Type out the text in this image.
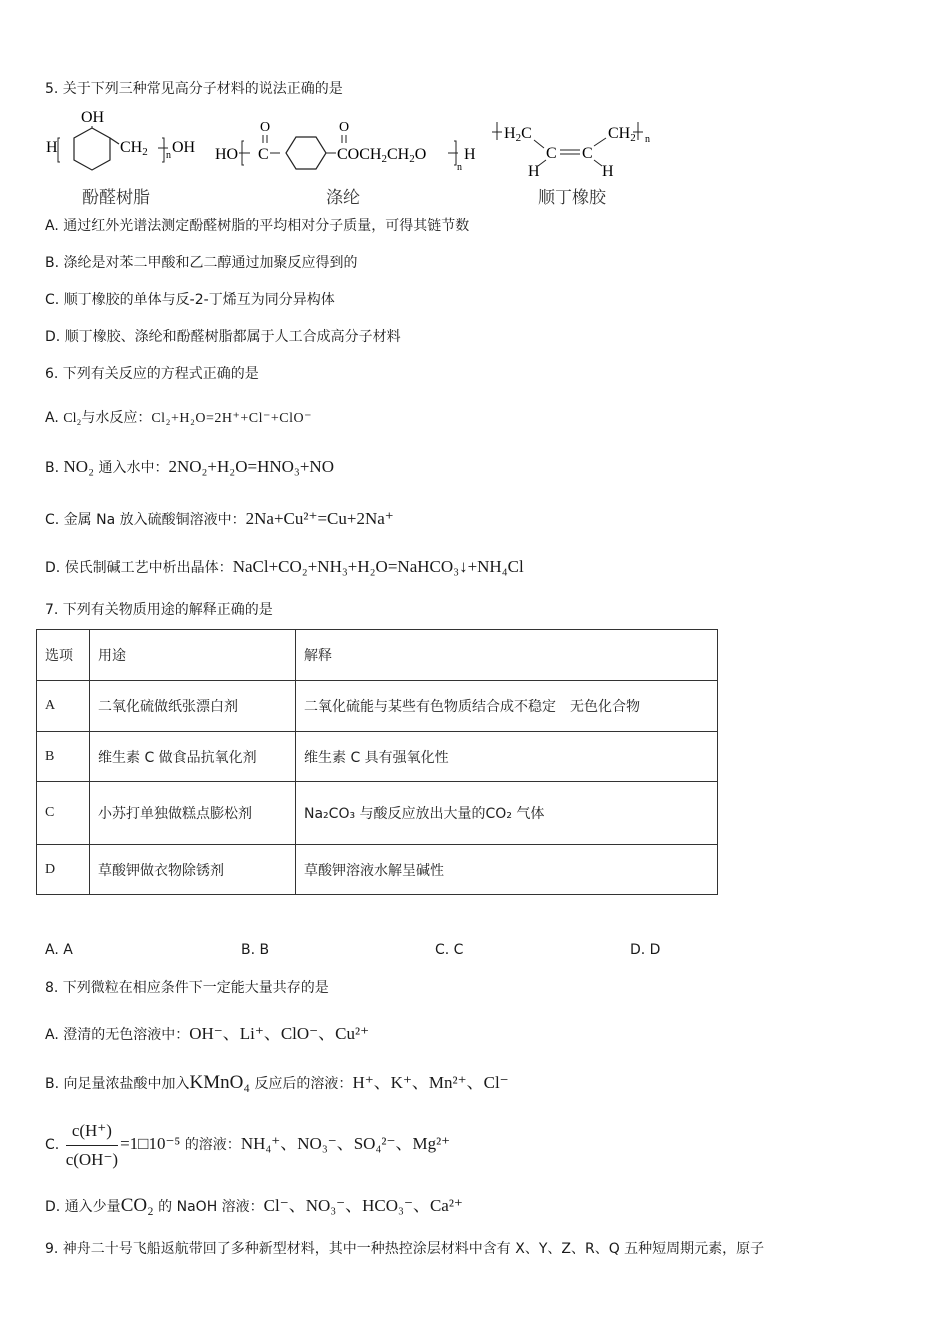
5. 关于下列三种常见高分子材料的说法正确的是
OH
H	CH2 n OH
酚醛树脂
HO
O
C
O
COCH2CH2O
n
H
涤纶
H2C
C C
CH2 n
H	H
顺丁橡胶
A. 通过红外光谱法测定酚醛树脂的平均相对分子质量，可得其链节数
B. 涤纶是对苯二甲酸和乙二醇通过加聚反应得到的
C. 顺丁橡胶的单体与反-2-丁烯互为同分异构体
D. 顺丁橡胶、涤纶和酚醛树脂都属于人工合成高分子材料
6. 下列有关反应的方程式正确的是
A. Cl₂与水反应：Cl₂+H₂O=2H⁺+Cl⁻+ClO⁻
B. NO₂ 通入水中：2NO₂+H₂O=HNO₃+NO
C. 金属 Na 放入硫酸铜溶液中：2Na+Cu²⁺=Cu+2Na⁺
D. 侯氏制碱工艺中析出晶体：NaCl+CO₂+NH₃+H₂O=NaHCO₃↓+NH₄Cl
7. 下列有关物质用途的解释正确的是
选项	用途	解释
A	二氧化硫做纸张漂白剂	二氧化硫能与某些有色物质结合成不稳定　无色化合物
B	维生素 C 做食品抗氧化剂	维生素 C 具有强氧化性
C	小苏打单独做糕点膨松剂	Na₂CO₃ 与酸反应放出大量的CO₂ 气体
D	草酸钾做衣物除锈剂	草酸钾溶液水解呈碱性
A. A	B. B	C. C	D. D
8. 下列微粒在相应条件下一定能大量共存的是
A. 澄清的无色溶液中：OH⁻、Li⁺、ClO⁻、Cu²⁺
B. 向足量浓盐酸中加入KMnO₄ 反应后的溶液：H⁺、K⁺、Mn²⁺、Cl⁻
C. $\frac{c(H^+)}{c(OH^-)}$ =1□10⁻⁵ 的溶液：NH₄⁺、NO₃⁻、SO₄²⁻、Mg²⁺
D. 通入少量CO₂ 的 NaOH 溶液：Cl⁻、NO₃⁻、HCO₃⁻、Ca²⁺
9. 神舟二十号飞船返航带回了多种新型材料，其中一种热控涂层材料中含有 X、Y、Z、R、Q 五种短周期元素，原子
